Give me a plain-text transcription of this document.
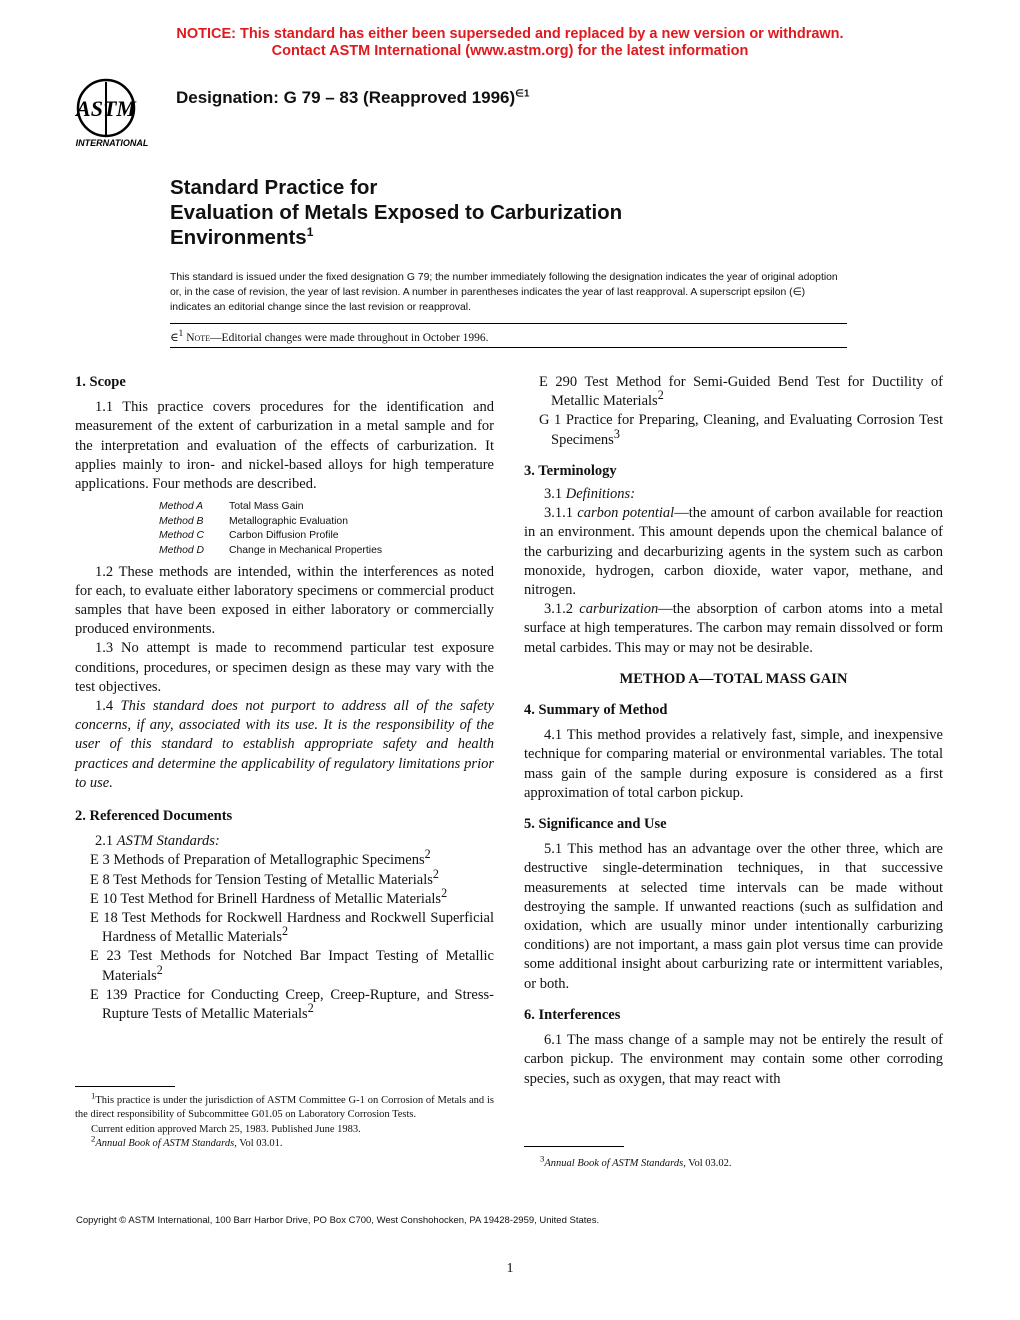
NOTICE: This standard has either been superseded and replaced by a new version or withdrawn.
Contact ASTM International (www.astm.org) for the latest information
ASTM
INTERNATIONAL
Designation: G 79 – 83 (Reapproved 1996)$^{\in 1}$
Standard Practice for
Evaluation of Metals Exposed to Carburization
Environments$^1$
This standard is issued under the fixed designation G 79; the number immediately following the designation indicates the year of original adoption or, in the case of revision, the year of last revision. A number in parentheses indicates the year of last reapproval. A superscript epsilon (∈) indicates an editorial change since the last revision or reapproval.
∈$^1$ Note—Editorial changes were made throughout in October 1996.

1. Scope

1.1 This practice covers procedures for the identification and measurement of the extent of carburization in a metal sample and for the interpretation and evaluation of the effects of carburization. It applies mainly to iron- and nickel-based alloys for high temperature applications. Four methods are described.

Method A	Total Mass Gain
Method B	Metallographic Evaluation
Method C	Carbon Diffusion Profile
Method D	Change in Mechanical Properties

1.2 These methods are intended, within the interferences as noted for each, to evaluate either laboratory specimens or commercial product samples that have been exposed in either laboratory or commercially produced environments.

1.3 No attempt is made to recommend particular test exposure conditions, procedures, or specimen design as these may vary with the test objectives.

1.4 This standard does not purport to address all of the safety concerns, if any, associated with its use. It is the responsibility of the user of this standard to establish appropriate safety and health practices and determine the applicability of regulatory limitations prior to use.

2. Referenced Documents

2.1 ASTM Standards:

E 3 Methods of Preparation of Metallographic Specimens$^2$

E 8 Test Methods for Tension Testing of Metallic Materials$^2$

E 10 Test Method for Brinell Hardness of Metallic Materials$^2$

E 18 Test Methods for Rockwell Hardness and Rockwell Superficial Hardness of Metallic Materials$^2$

E 23 Test Methods for Notched Bar Impact Testing of Metallic Materials$^2$

E 139 Practice for Conducting Creep, Creep-Rupture, and Stress-Rupture Tests of Metallic Materials$^2$

$^1$This practice is under the jurisdiction of ASTM Committee G-1 on Corrosion of Metals and is the direct responsibility of Subcommittee G01.05 on Laboratory Corrosion Tests.

Current edition approved March 25, 1983. Published June 1983.

$^2$Annual Book of ASTM Standards, Vol 03.01.

E 290 Test Method for Semi-Guided Bend Test for Ductility of Metallic Materials$^2$

G 1 Practice for Preparing, Cleaning, and Evaluating Corrosion Test Specimens$^3$

3. Terminology

3.1 Definitions:

3.1.1 carbon potential—the amount of carbon available for reaction in an environment. This amount depends upon the chemical balance of the carburizing and decarburizing agents in the system such as carbon monoxide, hydrogen, carbon dioxide, water vapor, methane, and nitrogen.

3.1.2 carburization—the absorption of carbon atoms into a metal surface at high temperatures. The carbon may remain dissolved or form metal carbides. This may or may not be desirable.

METHOD A—TOTAL MASS GAIN

4. Summary of Method

4.1 This method provides a relatively fast, simple, and inexpensive technique for comparing material or environmental variables. The total mass gain of the sample during exposure is considered as a first approximation of total carbon pickup.

5. Significance and Use

5.1 This method has an advantage over the other three, which are destructive single-determination techniques, in that successive measurements at selected time intervals can be made without destroying the sample. If unwanted reactions (such as sulfidation and oxidation, which are usually minor under intentionally carburizing conditions) are not important, a mass gain plot versus time can provide some additional insight about carburizing rate or intermittent variables, or both.

6. Interferences

6.1 The mass change of a sample may not be entirely the result of carbon pickup. The environment may contain some other corroding species, such as oxygen, that may react with

$^3$Annual Book of ASTM Standards, Vol 03.02.

Copyright © ASTM International, 100 Barr Harbor Drive, PO Box C700, West Conshohocken, PA 19428-2959, United States.
1
